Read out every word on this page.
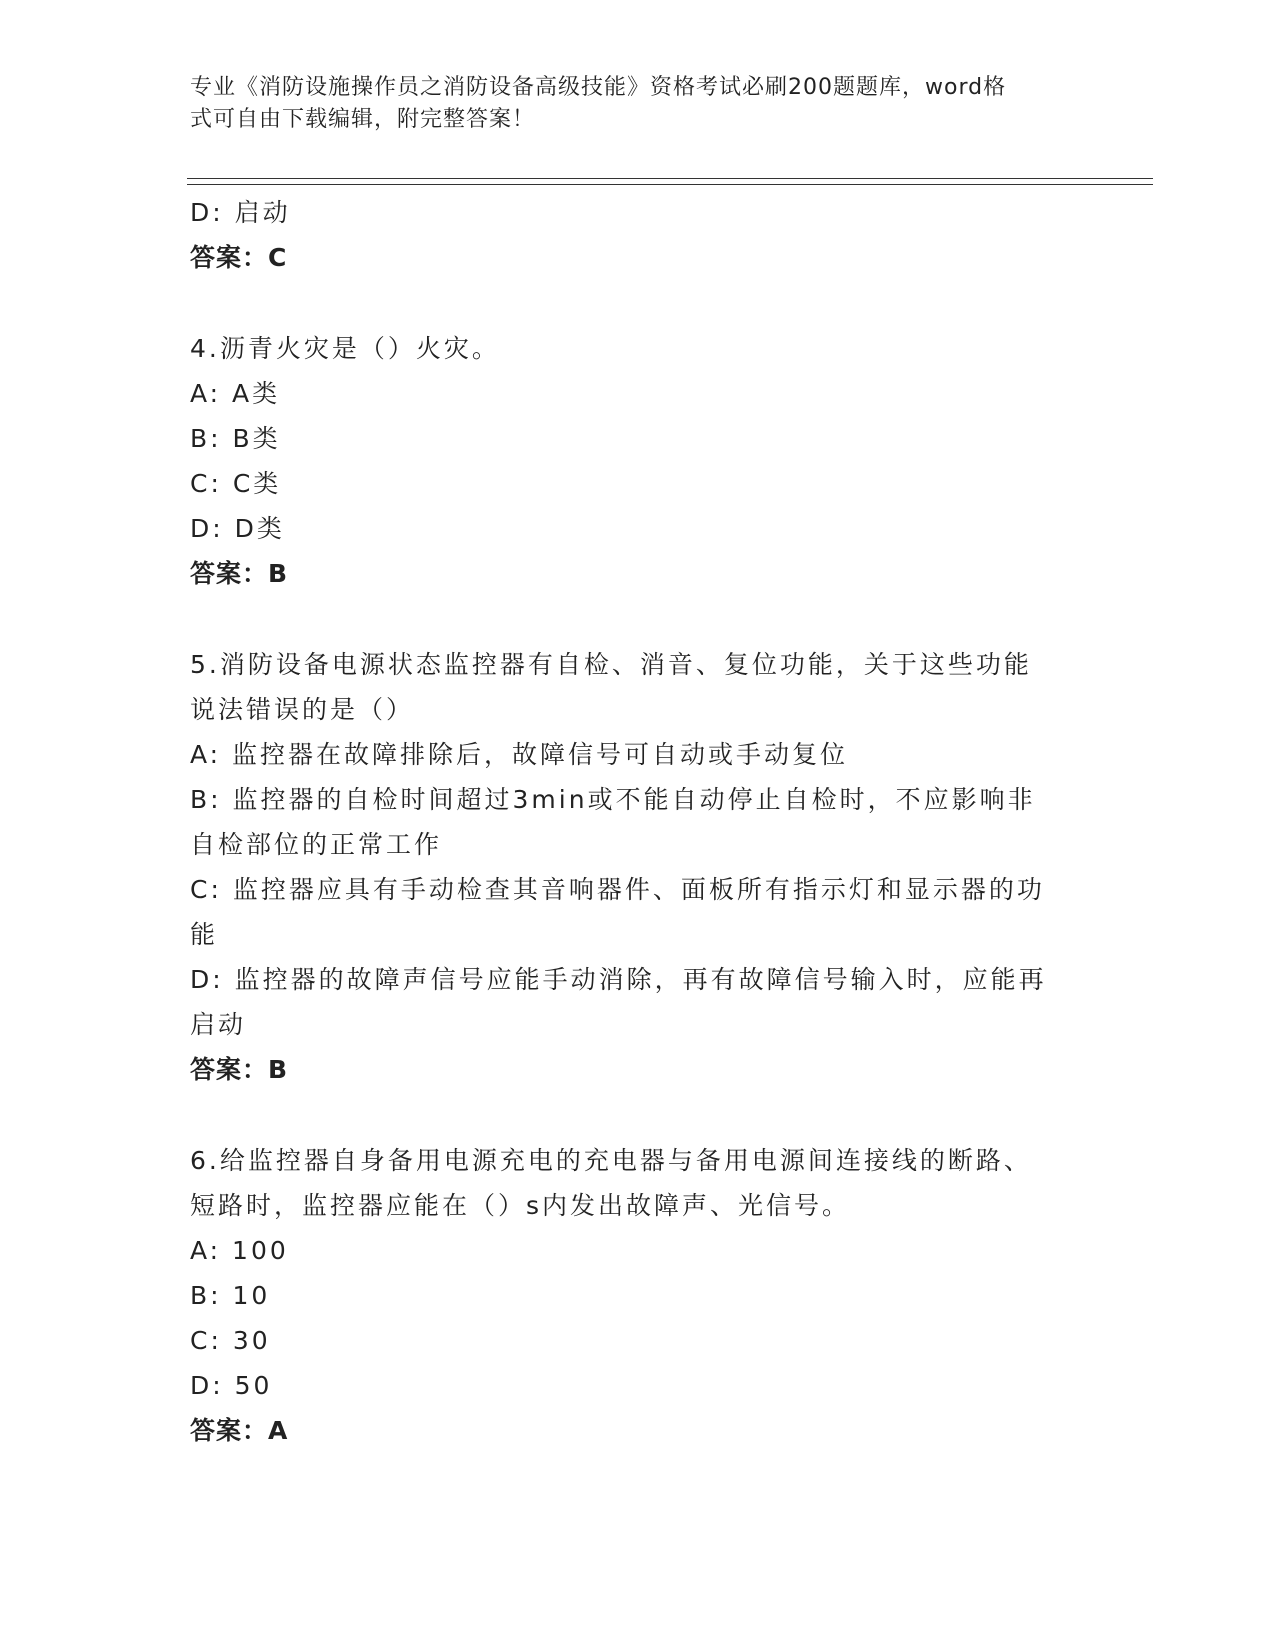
专业《消防设施操作员之消防设备高级技能》资格考试必刷200题题库，word格
式可自由下载编辑，附完整答案！

D: 启动

答案：C

4.沥青火灾是（）火灾。

A: A类

B: B类

C: C类

D: D类

答案：B

5.消防设备电源状态监控器有自检、消音、复位功能，关于这些功能

说法错误的是（）

A: 监控器在故障排除后，故障信号可自动或手动复位

B: 监控器的自检时间超过3min或不能自动停止自检时，不应影响非

自检部位的正常工作

C: 监控器应具有手动检查其音响器件、面板所有指示灯和显示器的功

能

D: 监控器的故障声信号应能手动消除，再有故障信号输入时，应能再

启动

答案：B

6.给监控器自身备用电源充电的充电器与备用电源间连接线的断路、

短路时，监控器应能在（）s内发出故障声、光信号。

A: 100

B: 10

C: 30

D: 50

答案：A
